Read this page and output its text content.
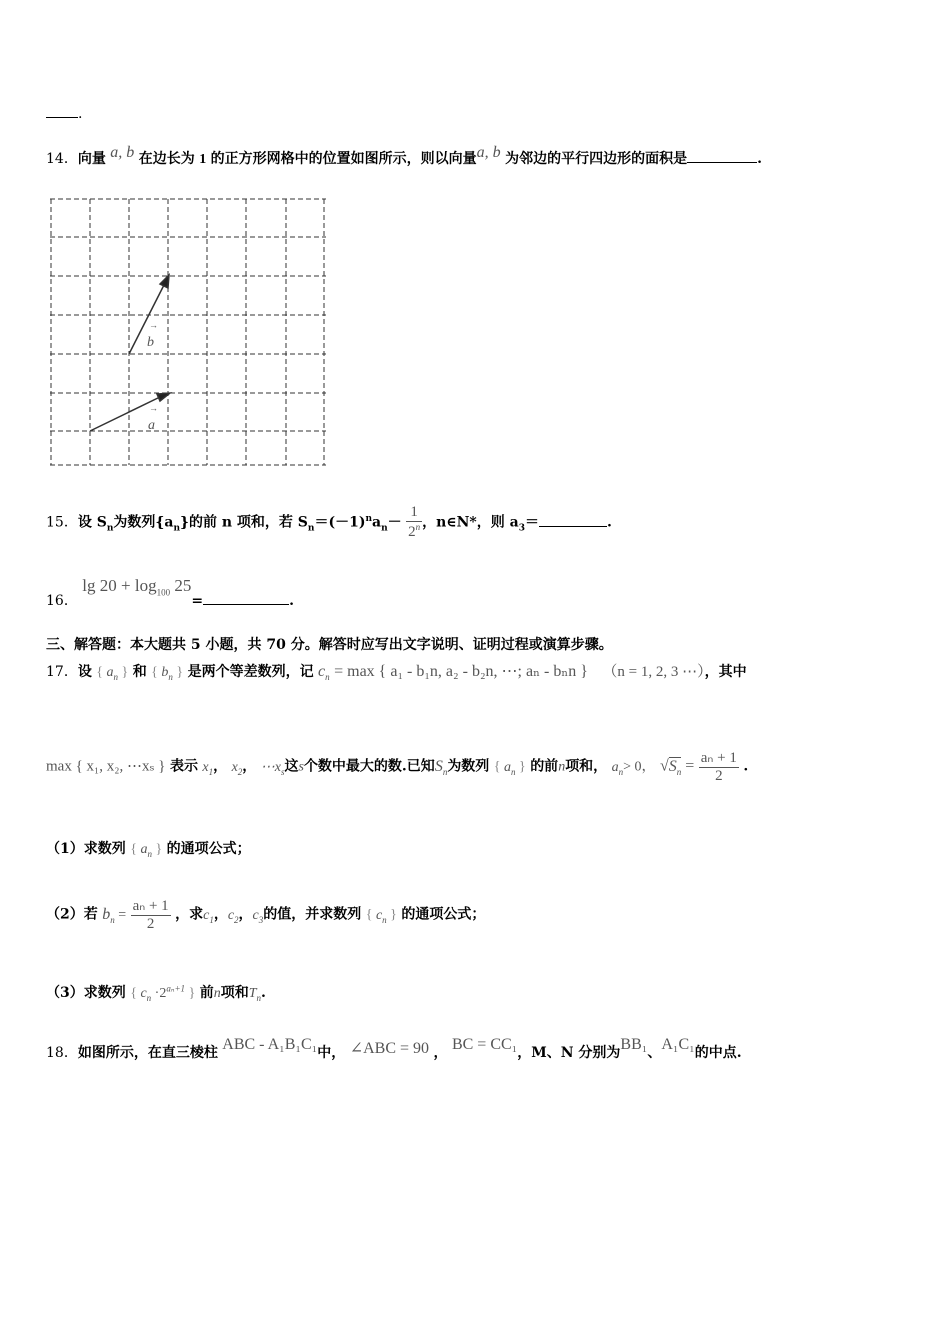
.
14．向量 a, b 在边长为 1 的正方形网格中的位置如图所示，则以向量a, b 为邻边的平行四边形的面积是	.
→
b
→
a
15．设 $S_n$为数列$\{a_n\}$的前 n 项和，若 $S_n=(-1)^na_n- \frac{1}{2^n}$ ，n∈N*，则 $a_3=$	.
16． $\lg 20 + \log_{100} 25=$	.
三、解答题：本大题共 5 小题，共 70 分。解答时应写出文字说明、证明过程或演算步骤。
17．设 { $a_n$ } 和 { $b_n$ } 是两个等差数列，记 $c_n = \max$ { a₁ - b₁n, a₂ - b₂n, ⋯; aₙ - bₙn } （n = 1, 2, 3 ⋯），其中
max { x₁, x₂, ⋯xₛ } 表示 $x_1$， $x_2$， $\cdots x_s$这s个数中最大的数.已知$S_n$为数列 { $a_n$ } 的前n项和， $a_n> 0$， $√S_n = \frac{\text{aₙ + 1}}{2}$ .
（1）求数列 { $a_n$ } 的通项公式；
（2）若 $b_n = \frac{\text{aₙ + 1}}{2}$ ，求$c_1$，$c_2$，$c_3$的值，并求数列 { $c_n$ } 的通项公式；
（3）求数列 { $c_n \cdot 2^{a_n+1}$ } 前n项和$T_n$.
18．如图所示，在直三棱柱 ABC - A₁B₁C₁中， ∠ABC = 90 ， BC = CC₁，M、N 分别为BB₁、A₁C₁的中点.
